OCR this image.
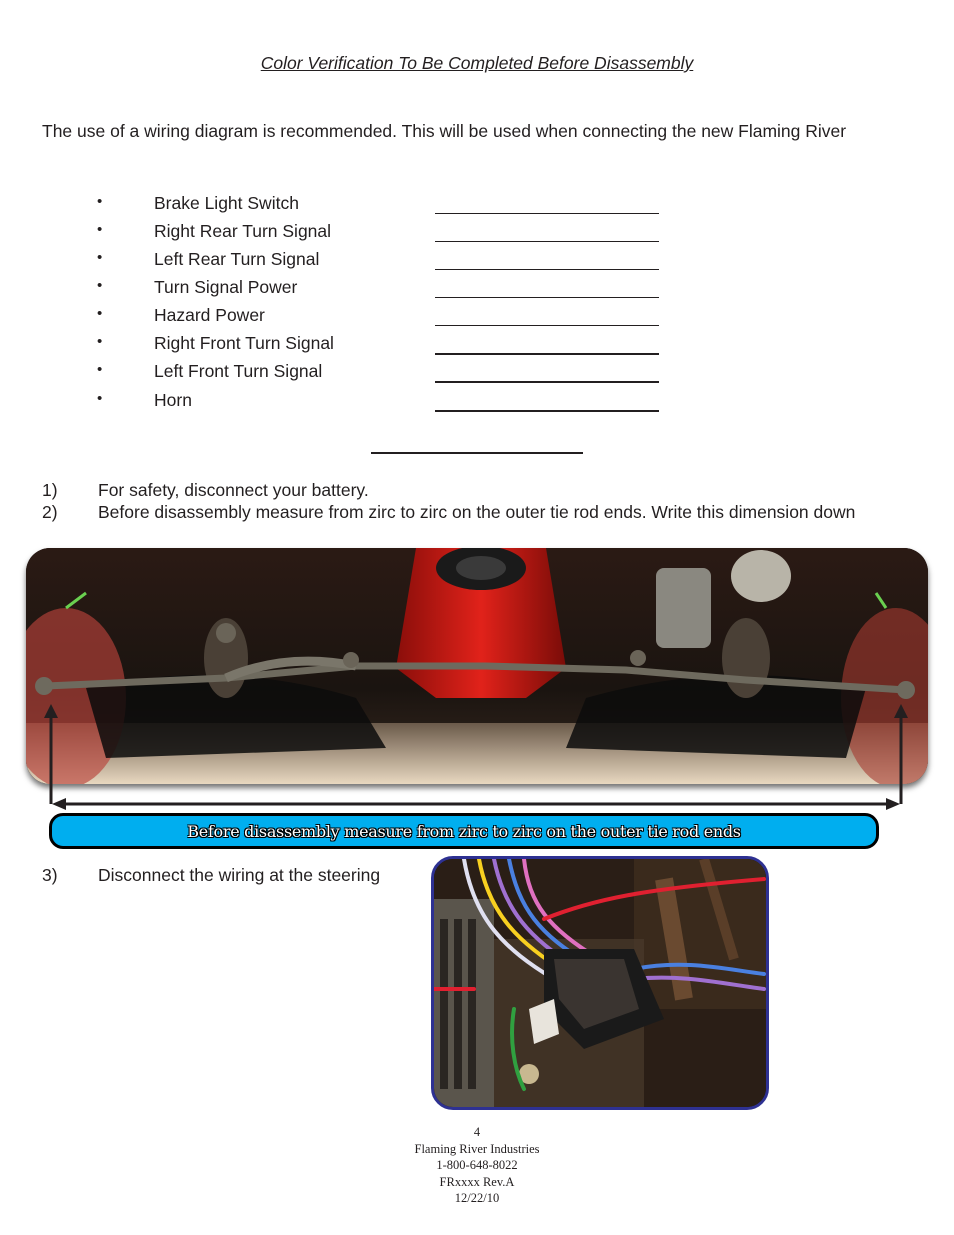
Color Verification To Be Completed Before Disassembly
The use of a wiring diagram is recommended. This will be used when connecting the new Flaming River
•	Brake Light Switch
•	Right Rear Turn Signal
•	Left Rear Turn Signal
•	Turn Signal Power
•	Hazard Power
•	Right Front Turn Signal
•	Left Front Turn Signal
•	Horn
1) For safety, disconnect your battery.
2) Before disassembly measure from zirc to zirc on the outer tie rod ends. Write this dimension down
Before disassembly measure from zirc to zirc on the outer tie rod ends
3) Disconnect the wiring at the steering
4
Flaming River Industries
1-800-648-8022
FRxxxx Rev.A
12/22/10
